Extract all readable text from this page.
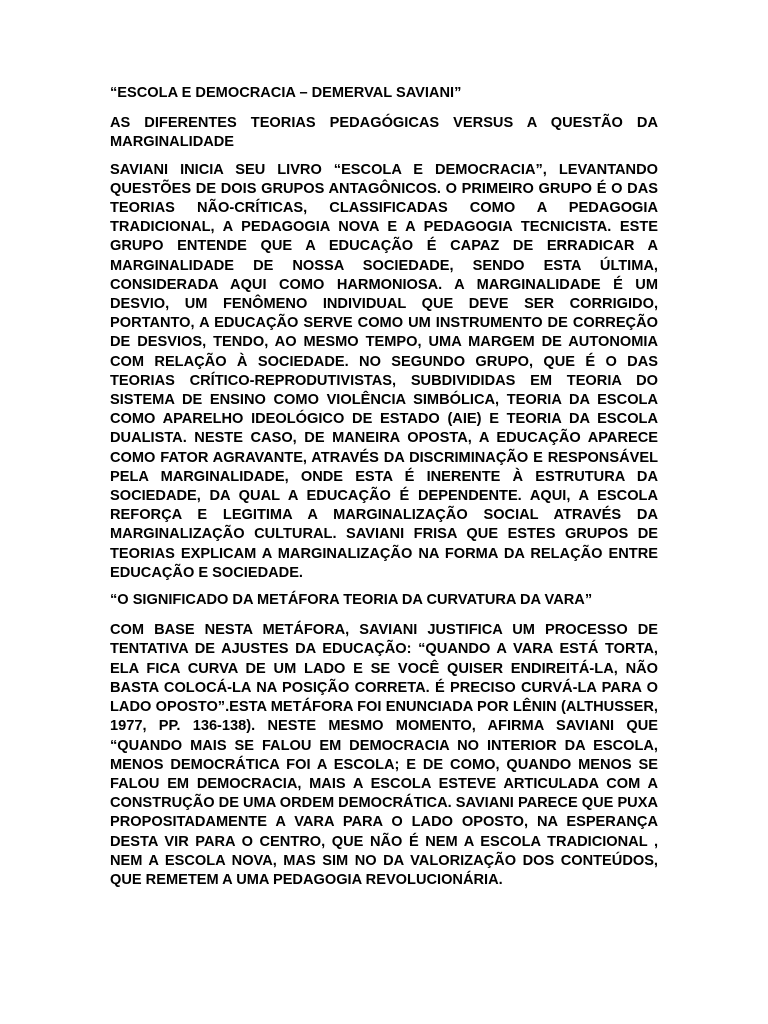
“ESCOLA E DEMOCRACIA – DEMERVAL SAVIANI”

AS DIFERENTES TEORIAS PEDAGÓGICAS VERSUS A QUESTÃO DA MARGINALIDADE

SAVIANI INICIA SEU LIVRO “ESCOLA E DEMOCRACIA”, LEVANTANDO QUESTÕES DE DOIS GRUPOS ANTAGÔNICOS. O PRIMEIRO GRUPO É O DAS TEORIAS NÃO-CRÍTICAS, CLASSIFICADAS COMO A PEDAGOGIA TRADICIONAL, A PEDAGOGIA NOVA E A PEDAGOGIA TECNICISTA. ESTE GRUPO ENTENDE QUE A EDUCAÇÃO É CAPAZ DE ERRADICAR A MARGINALIDADE DE NOSSA SOCIEDADE, SENDO ESTA ÚLTIMA, CONSIDERADA AQUI COMO HARMONIOSA. A MARGINALIDADE É UM DESVIO, UM FENÔMENO INDIVIDUAL QUE DEVE SER CORRIGIDO, PORTANTO, A EDUCAÇÃO SERVE COMO UM INSTRUMENTO DE CORREÇÃO DE DESVIOS, TENDO, AO MESMO TEMPO, UMA MARGEM DE AUTONOMIA COM RELAÇÃO À SOCIEDADE. NO SEGUNDO GRUPO, QUE É O DAS TEORIAS CRÍTICO-REPRODUTIVISTAS, SUBDIVIDIDAS EM TEORIA DO SISTEMA DE ENSINO COMO VIOLÊNCIA SIMBÓLICA, TEORIA DA ESCOLA COMO APARELHO IDEOLÓGICO DE ESTADO (AIE) E TEORIA DA ESCOLA DUALISTA. NESTE CASO, DE MANEIRA OPOSTA, A EDUCAÇÃO APARECE COMO FATOR AGRAVANTE, ATRAVÉS DA DISCRIMINAÇÃO E RESPONSÁVEL PELA MARGINALIDADE, ONDE ESTA É INERENTE À ESTRUTURA DA SOCIEDADE, DA QUAL A EDUCAÇÃO É DEPENDENTE. AQUI, A ESCOLA REFORÇA E LEGITIMA A MARGINALIZAÇÃO SOCIAL ATRAVÉS DA MARGINALIZAÇÃO CULTURAL. SAVIANI FRISA QUE ESTES GRUPOS DE TEORIAS EXPLICAM A MARGINALIZAÇÃO NA FORMA DA RELAÇÃO ENTRE EDUCAÇÃO E SOCIEDADE.

“O SIGNIFICADO DA METÁFORA TEORIA DA CURVATURA DA VARA”

COM BASE NESTA METÁFORA, SAVIANI JUSTIFICA UM PROCESSO DE TENTATIVA DE AJUSTES DA EDUCAÇÃO: “QUANDO A VARA ESTÁ TORTA, ELA FICA CURVA DE UM LADO E SE VOCÊ QUISER ENDIREITÁ-LA, NÃO BASTA COLOCÁ-LA NA POSIÇÃO CORRETA. É PRECISO CURVÁ-LA PARA O LADO OPOSTO”.ESTA METÁFORA FOI ENUNCIADA POR LÊNIN (ALTHUSSER, 1977, PP. 136-138). NESTE MESMO MOMENTO, AFIRMA SAVIANI QUE “QUANDO MAIS SE FALOU EM DEMOCRACIA NO INTERIOR DA ESCOLA, MENOS DEMOCRÁTICA FOI A ESCOLA; E DE COMO, QUANDO MENOS SE FALOU EM DEMOCRACIA, MAIS A ESCOLA ESTEVE ARTICULADA COM A CONSTRUÇÃO DE UMA ORDEM DEMOCRÁTICA. SAVIANI PARECE QUE PUXA PROPOSITADAMENTE A VARA PARA O LADO OPOSTO, NA ESPERANÇA DESTA VIR PARA O CENTRO, QUE NÃO É NEM A ESCOLA TRADICIONAL , NEM A ESCOLA NOVA, MAS SIM NO DA VALORIZAÇÃO DOS CONTEÚDOS, QUE REMETEM A UMA PEDAGOGIA REVOLUCIONÁRIA.
